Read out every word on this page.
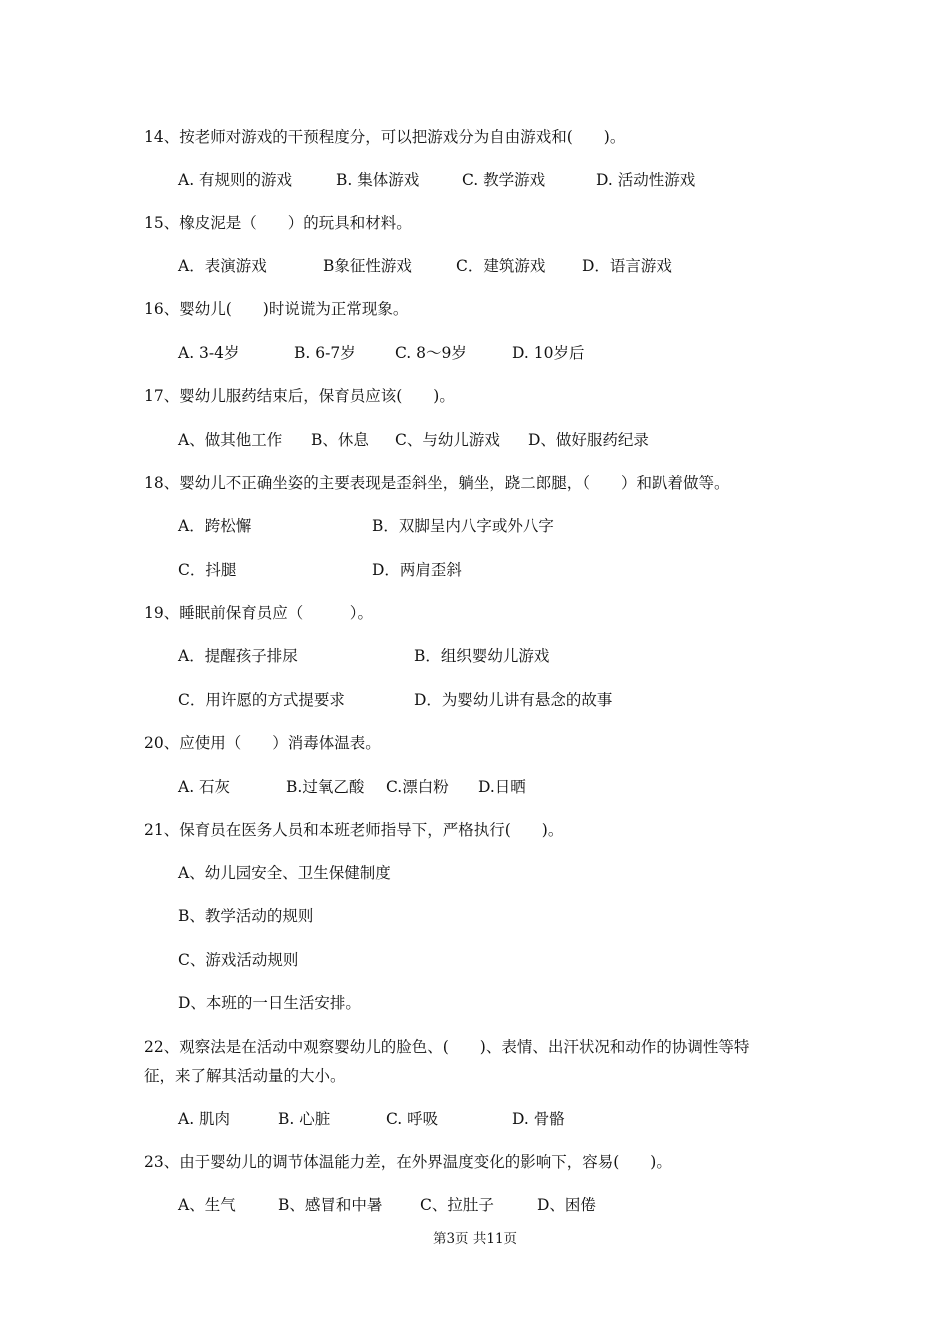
14、按老师对游戏的干预程度分，可以把游戏分为自由游戏和(　　)。
A. 有规则的游戏	B. 集体游戏	C. 教学游戏	D. 活动性游戏
15、橡皮泥是（　　）的玩具和材料。
A．表演游戏	B象征性游戏	C．建筑游戏 D．语言游戏
16、婴幼儿(　　)时说谎为正常现象。
A. 3-4岁	B. 6-7岁	C. 8～9岁	D. 10岁后
17、婴幼儿服药结束后，保育员应该(　　)。
A、做其他工作 B、休息 C、与幼儿游戏 D、做好服药纪录
18、婴幼儿不正确坐姿的主要表现是歪斜坐，躺坐，跷二郎腿，（　　）和趴着做等。
A．跨松懈	B．双脚呈内八字或外八字
C．抖腿	D．两肩歪斜
19、睡眠前保育员应（　　　）。
A．提醒孩子排尿	B．组织婴幼儿游戏
C．用许愿的方式提要求	D．为婴幼儿讲有悬念的故事
20、应使用（　　）消毒体温表。
A. 石灰	B.过氧乙酸 C.漂白粉 D.日晒
21、保育员在医务人员和本班老师指导下，严格执行(　　)。
A、幼儿园安全、卫生保健制度
B、教学活动的规则
C、游戏活动规则
D、本班的一日生活安排。
22、观察法是在活动中观察婴幼儿的脸色、(　　)、表情、出汗状况和动作的协调性等特
征，来了解其活动量的大小。
A. 肌肉	B. 心脏	C. 呼吸	D. 骨骼
23、由于婴幼儿的调节体温能力差，在外界温度变化的影响下，容易(　　)。
A、生气	B、感冒和中暑 C、拉肚子	D、困倦
第3页 共11页
